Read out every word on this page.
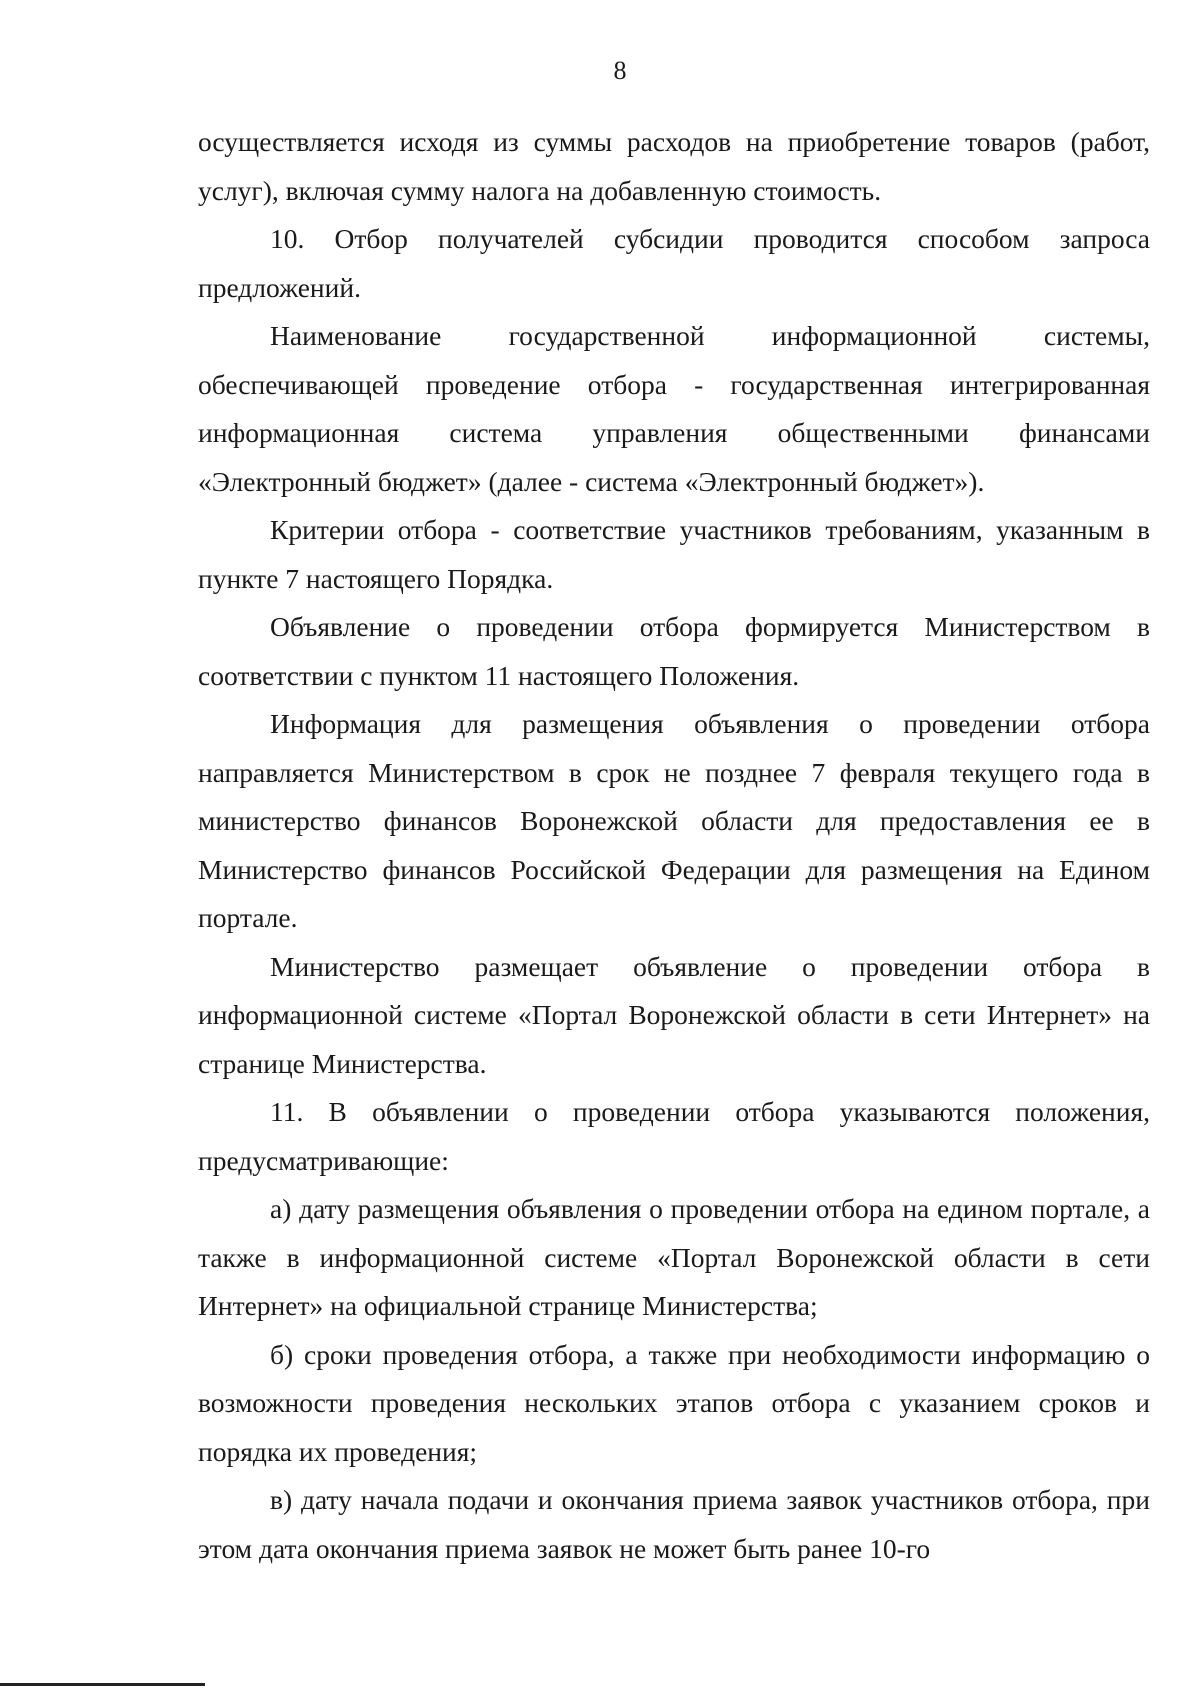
8

осуществляется исходя из суммы расходов на приобретение товаров (работ, услуг), включая сумму налога на добавленную стоимость.

10. Отбор получателей субсидии проводится способом запроса предложений.

Наименование государственной информационной системы, обеспечивающей проведение отбора - государственная интегрированная информационная система управления общественными финансами «Электронный бюджет» (далее - система «Электронный бюджет»).

Критерии отбора - соответствие участников требованиям, указанным в пункте 7 настоящего Порядка.

Объявление о проведении отбора формируется Министерством в соответствии с пунктом 11 настоящего Положения.

Информация для размещения объявления о проведении отбора направляется Министерством в срок не позднее 7 февраля текущего года в министерство финансов Воронежской области для предоставления ее в Министерство финансов Российской Федерации для размещения на Едином портале.

Министерство размещает объявление о проведении отбора в информационной системе «Портал Воронежской области в сети Интернет» на странице Министерства.

11. В объявлении о проведении отбора указываются положения, предусматривающие:

а) дату размещения объявления о проведении отбора на едином портале, а также в информационной системе «Портал Воронежской области в сети Интернет» на официальной странице Министерства;

б) сроки проведения отбора, а также при необходимости информацию о возможности проведения нескольких этапов отбора с указанием сроков и порядка их проведения;

в) дату начала подачи и окончания приема заявок участников отбора, при этом дата окончания приема заявок не может быть ранее 10-го
